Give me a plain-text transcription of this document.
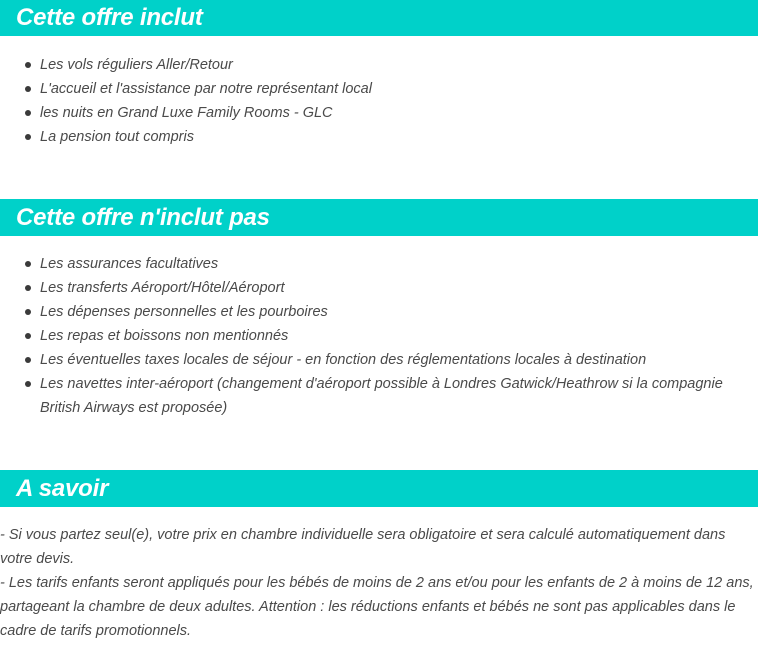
Cette offre inclut
Les vols réguliers Aller/Retour
L'accueil et l'assistance par notre représentant local
les nuits en Grand Luxe Family Rooms - GLC
La pension tout compris
Cette offre n'inclut pas
Les assurances facultatives
Les transferts Aéroport/Hôtel/Aéroport
Les dépenses personnelles et les pourboires
Les repas et boissons non mentionnés
Les éventuelles taxes locales de séjour - en fonction des réglementations locales à destination
Les navettes inter-aéroport (changement d'aéroport possible à Londres Gatwick/Heathrow si la compagnie British Airways est proposée)
A savoir

- Si vous partez seul(e), votre prix en chambre individuelle sera obligatoire et sera calculé automatiquement dans votre devis.

- Les tarifs enfants seront appliqués pour les bébés de moins de 2 ans et/ou pour les enfants de 2 à moins de 12 ans, partageant la chambre de deux adultes. Attention : les réductions enfants et bébés ne sont pas applicables dans le cadre de tarifs promotionnels.
